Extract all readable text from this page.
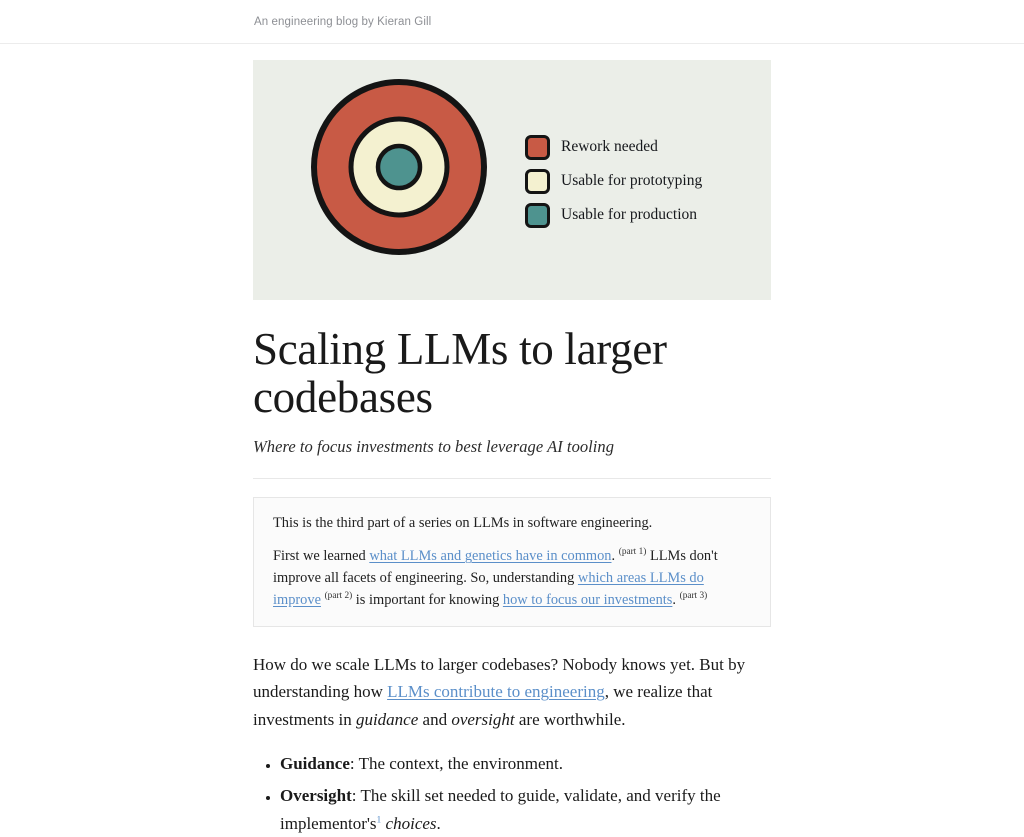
An engineering blog by Kieran Gill
Rework needed
Usable for prototyping
Usable for production
Scaling LLMs to larger codebases

Where to focus investments to best leverage AI tooling

This is the third part of a series on LLMs in software engineering.

First we learned what LLMs and genetics have in common. $^{(part 1)}$ LLMs don't improve all facets of engineering. So, understanding which areas LLMs do improve $^{(part 2)}$ is important for knowing how to focus our investments. $^{(part 3)}$

How do we scale LLMs to larger codebases? Nobody knows yet. But by understanding how LLMs contribute to engineering, we realize that investments in guidance and oversight are worthwhile.

• Guidance: The context, the environment.
• Oversight: The skill set needed to guide, validate, and verify the implementor's$^1$ choices.
